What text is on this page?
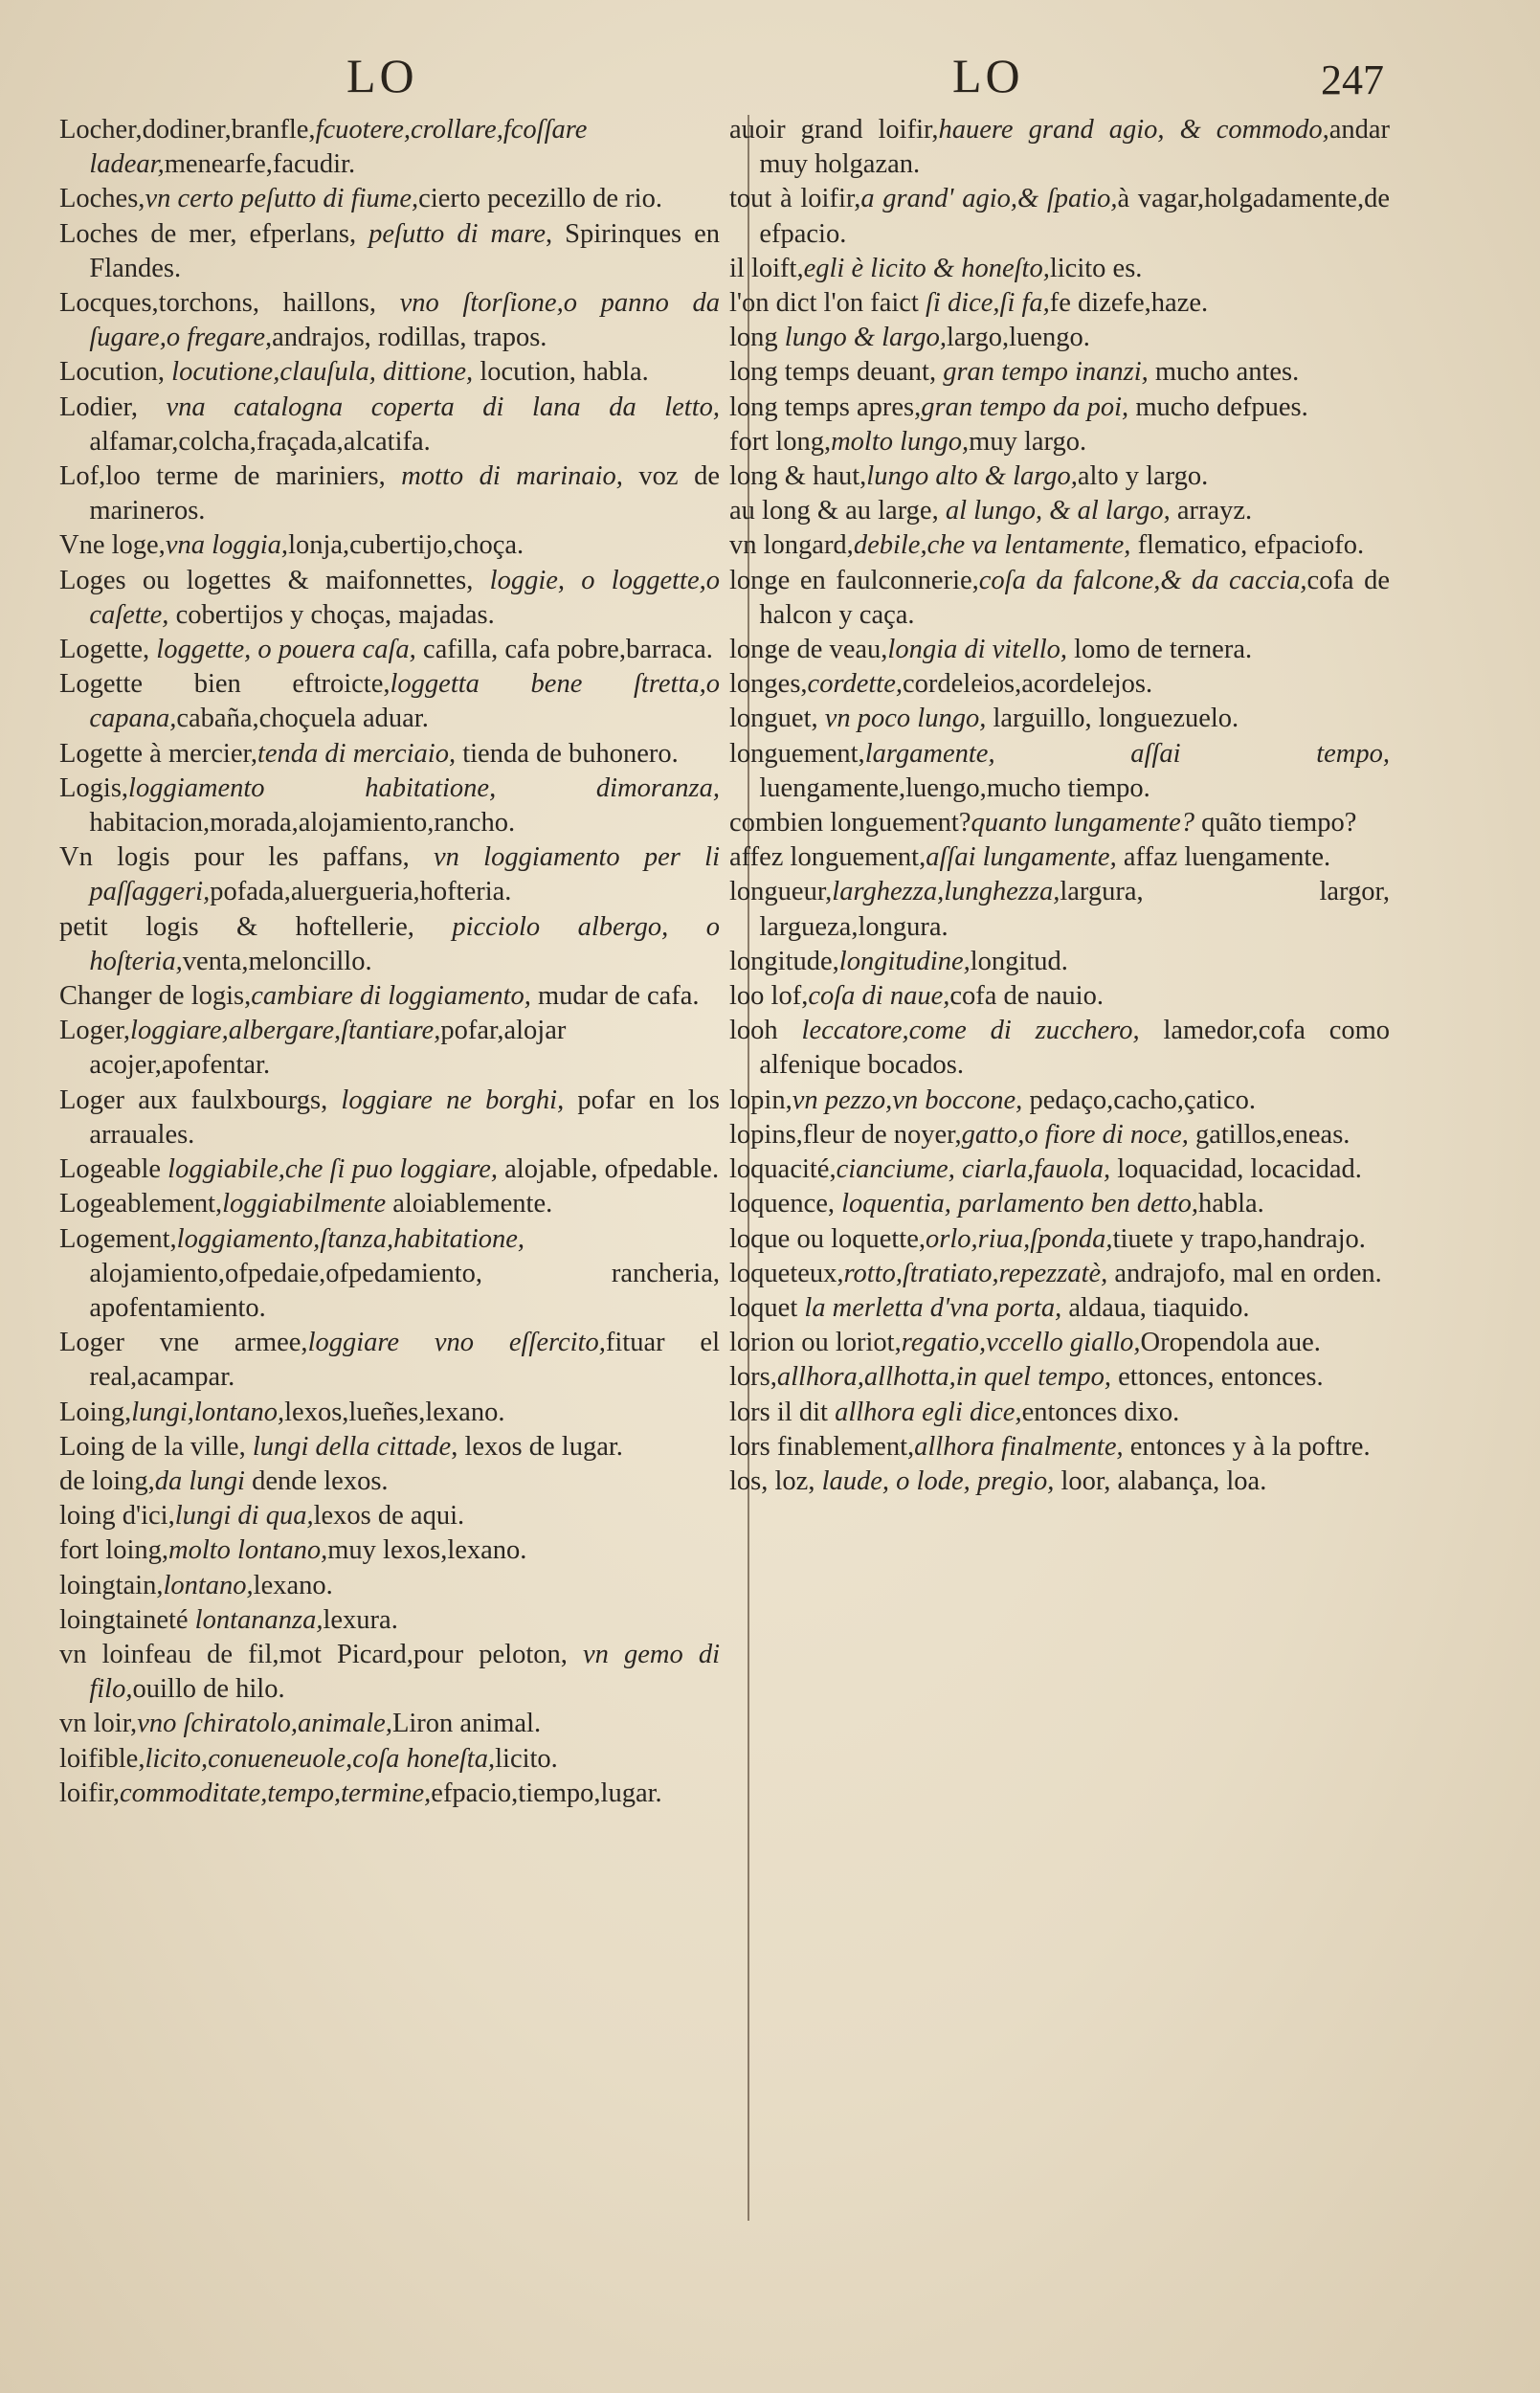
LO	LO	247

Locher,dodiner,branfle,fcuotere,crollare,fcoſſare ladear,menearfe,facudir.

Loches,vn certo peſutto di fiume,cierto pecezillo de rio.

Loches de mer, efperlans, peſutto di mare, Spirinques en Flandes.

Locques,torchons, haillons, vno ſtorſione,o panno da ſugare,o fregare,andrajos, rodillas, trapos.

Locution, locutione,clauſula, dittione, locution, habla.

Lodier, vna catalogna coperta di lana da letto, alfamar,colcha,fraçada,alcatifa.

Lof,loo terme de mariniers, motto di marinaio, voz de marineros.

Vne loge,vna loggia,lonja,cubertijo,choça.

Loges ou logettes & maifonnettes, loggie, o loggette,o caſette, cobertijos y choças, majadas.

Logette, loggette, o pouera caſa, cafilla, cafa pobre,barraca.

Logette bien eftroicte,loggetta bene ſtretta,o capana,cabaña,choçuela aduar.

Logette à mercier,tenda di merciaio, tienda de buhonero.

Logis,loggiamento habitatione, dimoranza, habitacion,morada,alojamiento,rancho.

Vn logis pour les paffans, vn loggiamento per li paſſaggeri,pofada,aluergueria,hofteria.

petit logis & hoftellerie, picciolo albergo, o hoſteria,venta,meloncillo.

Changer de logis,cambiare di loggiamento, mudar de cafa.

Loger,loggiare,albergare,ſtantiare,pofar,alojar acojer,apofentar.

Loger aux faulxbourgs, loggiare ne borghi, pofar en los arrauales.

Logeable loggiabile,che ſi puo loggiare, alojable, ofpedable.

Logeablement,loggiabilmente aloiablemente.

Logement,loggiamento,ſtanza,habitatione, alojamiento,ofpedaie,ofpedamiento, rancheria, apofentamiento.

Loger vne armee,loggiare vno eſſercito,fituar el real,acampar.

Loing,lungi,lontano,lexos,lueñes,lexano.

Loing de la ville, lungi della cittade, lexos de lugar.

de loing,da lungi dende lexos.

loing d'ici,lungi di qua,lexos de aqui.

fort loing,molto lontano,muy lexos,lexano.

loingtain,lontano,lexano.

loingtaineté lontananza,lexura.

vn loinfeau de fil,mot Picard,pour peloton, vn gemo di filo,ouillo de hilo.

vn loir,vno ſchiratolo,animale,Liron animal.

loifible,licito,conueneuole,coſa honeſta,licito.

loifir,commoditate,tempo,termine,efpacio,tiempo,lugar.

auoir grand loifir,hauere grand agio, & commodo,andar muy holgazan.

tout à loifir,a grand' agio,& ſpatio,à vagar,holgadamente,de efpacio.

il loift,egli è licito & honeſto,licito es.

l'on dict l'on faict ſi dice,ſi fa,fe dizefe,haze.

long lungo & largo,largo,luengo.

long temps deuant, gran tempo inanzi, mucho antes.

long temps apres,gran tempo da poi, mucho defpues.

fort long,molto lungo,muy largo.

long & haut,lungo alto & largo,alto y largo.

au long & au large, al lungo, & al largo, arrayz.

vn longard,debile,che va lentamente, flematico, efpaciofo.

longe en faulconnerie,coſa da falcone,& da caccia,cofa de halcon y caça.

longe de veau,longia di vitello, lomo de ternera.

longes,cordette,cordeleios,acordelejos.

longuet, vn poco lungo, larguillo, longuezuelo.

longuement,largamente, aſſai tempo, luengamente,luengo,mucho tiempo.

combien longuement?quanto lungamente? quãto tiempo?

affez longuement,aſſai lungamente, affaz luengamente.

longueur,larghezza,lunghezza,largura, largor, largueza,longura.

longitude,longitudine,longitud.

loo lof,coſa di naue,cofa de nauio.

looh leccatore,come di zucchero, lamedor,cofa como alfenique bocados.

lopin,vn pezzo,vn boccone, pedaço,cacho,çatico.

lopins,fleur de noyer,gatto,o fiore di noce, gatillos,eneas.

loquacité,cianciume, ciarla,fauola, loquacidad, locacidad.

loquence, loquentia, parlamento ben detto,habla.

loque ou loquette,orlo,riua,ſponda,tiuete y trapo,handrajo.

loqueteux,rotto,ſtratiato,repezzatè, andrajofo, mal en orden.

loquet la merletta d'vna porta, aldaua, tiaquido.

lorion ou loriot,regatio,vccello giallo,Oropendola aue.

lors,allhora,allhotta,in quel tempo, ettonces, entonces.

lors il dit allhora egli dice,entonces dixo.

lors finablement,allhora finalmente, entonces y à la poftre.

los, loz, laude, o lode, pregio, loor, alabança, loa.
